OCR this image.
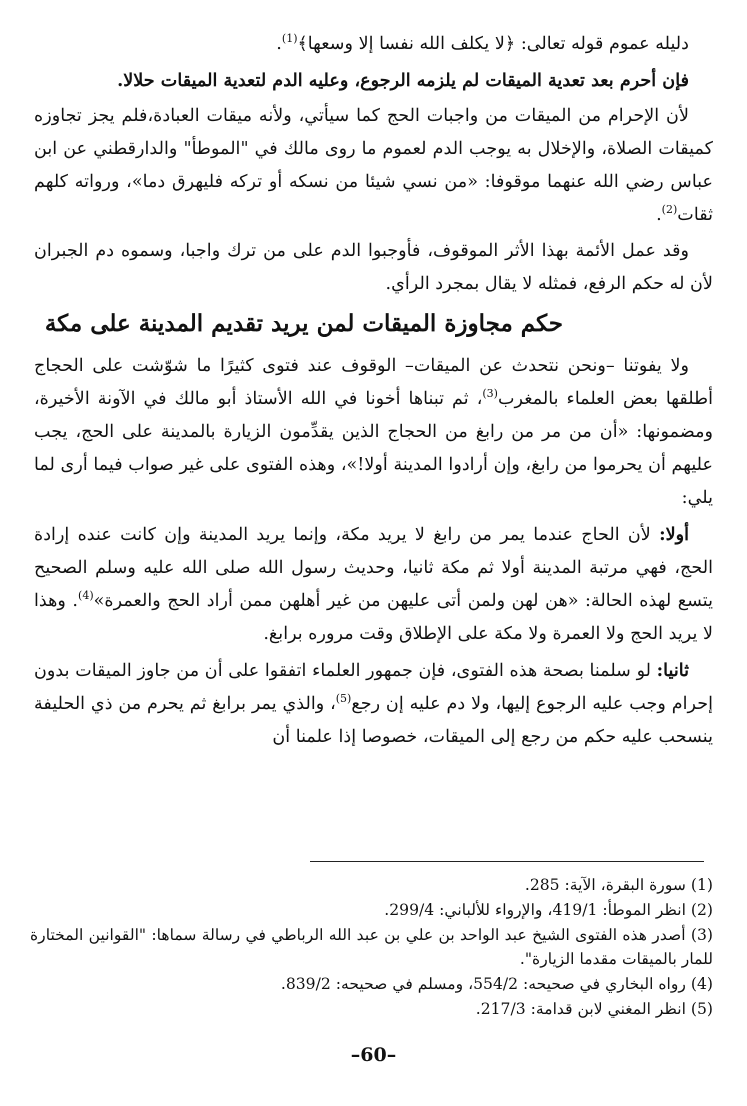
دليله عموم قوله تعالى: ﴿لا يكلف الله نفسا إلا وسعها﴾$^{(1)}$.

فإن أحرم بعد تعدية الميقات لم يلزمه الرجوع، وعليه الدم لتعدية الميقات حلالا.

لأن الإحرام من الميقات من واجبات الحج كما سيأتي، ولأنه ميقات العبادة،فلم يجز تجاوزه كميقات الصلاة، والإخلال به يوجب الدم لعموم ما روى مالك في "الموطأ" والدارقطني عن ابن عباس رضي الله عنهما موقوفا: «من نسي شيئا من نسكه أو تركه فليهرق دما»، ورواته كلهم ثقات$^{(2)}$.

وقد عمل الأئمة بهذا الأثر الموقوف، فأوجبوا الدم على من ترك واجبا، وسموه دم الجبران لأن له حكم الرفع، فمثله لا يقال بمجرد الرأي.

حكم مجاوزة الميقات لمن يريد تقديم المدينة على مكة

ولا يفوتنا –ونحن نتحدث عن الميقات– الوقوف عند فتوى كثيرًا ما شوّشت على الحجاج أطلقها بعض العلماء بالمغرب$^{(3)}$، ثم تبناها أخونا في الله الأستاذ أبو مالك في الآونة الأخيرة، ومضمونها: «أن من مر من رابغ من الحجاج الذين يقدِّمون الزيارة بالمدينة على الحج، يجب عليهم أن يحرموا من رابغ، وإن أرادوا المدينة أولا!»، وهذه الفتوى على غير صواب فيما أرى لما يلي:

أولا: لأن الحاج عندما يمر من رابغ لا يريد مكة، وإنما يريد المدينة وإن كانت عنده إرادة الحج، فهي مرتبة المدينة أولا ثم مكة ثانيا، وحديث رسول الله صلى الله عليه وسلم الصحيح يتسع لهذه الحالة: «هن لهن ولمن أتى عليهن من غير أهلهن ممن أراد الحج والعمرة»$^{(4)}$. وهذا لا يريد الحج ولا العمرة ولا مكة على الإطلاق وقت مروره برابغ.

ثانيا: لو سلمنا بصحة هذه الفتوى، فإن جمهور العلماء اتفقوا على أن من جاوز الميقات بدون إحرام وجب عليه الرجوع إليها، ولا دم عليه إن رجع$^{(5)}$، والذي يمر برابغ ثم يحرم من ذي الحليفة ينسحب عليه حكم من رجع إلى الميقات، خصوصا إذا علمنا أن

(1) سورة البقرة، الآية: 285.

(2) انظر الموطأ: 419/1، والإرواء للألباني: 299/4.

(3) أصدر هذه الفتوى الشيخ عبد الواحد بن علي بن عبد الله الرباطي في رسالة سماها: "القوانين المختارة للمار بالميقات مقدما الزيارة".

(4) رواه البخاري في صحيحه: 554/2، ومسلم في صحيحه: 839/2.

(5) انظر المغني لابن قدامة: 217/3.

–60–
